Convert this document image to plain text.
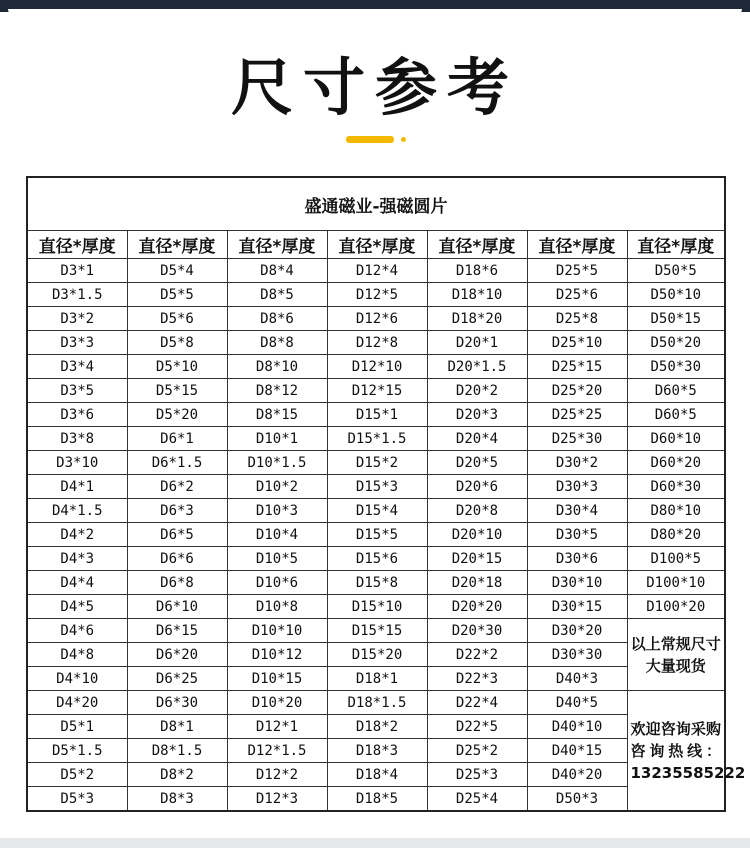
尺寸参考
盛通磁业-强磁圆片						
直径*厚度	直径*厚度	直径*厚度	直径*厚度	直径*厚度	直径*厚度	直径*厚度
D3*1	D5*4	D8*4	D12*4	D18*6	D25*5	D50*5
D3*1.5	D5*5	D8*5	D12*5	D18*10	D25*6	D50*10
D3*2	D5*6	D8*6	D12*6	D18*20	D25*8	D50*15
D3*3	D5*8	D8*8	D12*8	D20*1	D25*10	D50*20
D3*4	D5*10	D8*10	D12*10	D20*1.5	D25*15	D50*30
D3*5	D5*15	D8*12	D12*15	D20*2	D25*20	D60*5
D3*6	D5*20	D8*15	D15*1	D20*3	D25*25	D60*5
D3*8	D6*1	D10*1	D15*1.5	D20*4	D25*30	D60*10
D3*10	D6*1.5	D10*1.5	D15*2	D20*5	D30*2	D60*20
D4*1	D6*2	D10*2	D15*3	D20*6	D30*3	D60*30
D4*1.5	D6*3	D10*3	D15*4	D20*8	D30*4	D80*10
D4*2	D6*5	D10*4	D15*5	D20*10	D30*5	D80*20
D4*3	D6*6	D10*5	D15*6	D20*15	D30*6	D100*5
D4*4	D6*8	D10*6	D15*8	D20*18	D30*10	D100*10
D4*5	D6*10	D10*8	D15*10	D20*20	D30*15	D100*20
D4*6	D6*15	D10*10	D15*15	D20*30	D30*20	以上常规尺寸大量现货
D4*8	D6*20	D10*12	D15*20	D22*2	D30*30	
D4*10	D6*25	D10*15	D18*1	D22*3	D40*3	
D4*20	D6*30	D10*20	D18*1.5	D22*4	D40*5	欢迎咨询采购 咨询热线：13235585222
D5*1	D8*1	D12*1	D18*2	D22*5	D40*10	
D5*1.5	D8*1.5	D12*1.5	D18*3	D25*2	D40*15	
D5*2	D8*2	D12*2	D18*4	D25*3	D40*20	
D5*3	D8*3	D12*3	D18*5	D25*4	D50*3	
